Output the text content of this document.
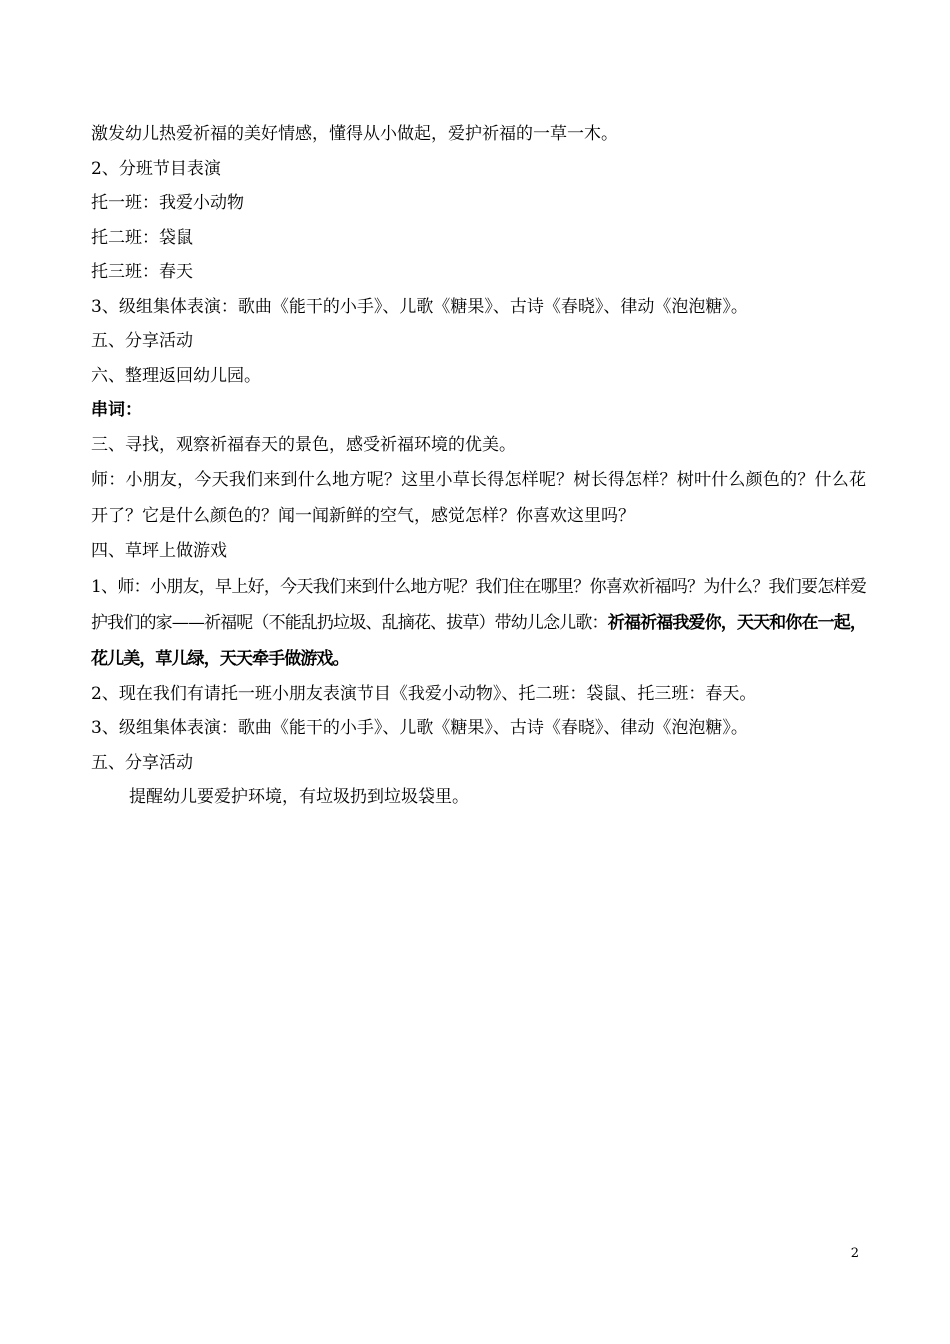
激发幼儿热爱祈福的美好情感，懂得从小做起，爱护祈福的一草一木。

2、分班节目表演

托一班：我爱小动物

托二班：袋鼠

托三班：春天

3、级组集体表演：歌曲《能干的小手》、儿歌《糖果》、古诗《春晓》、律动《泡泡糖》。

五、分享活动

六、整理返回幼儿园。

串词：

三、寻找，观察祈福春天的景色，感受祈福环境的优美。

师：小朋友，今天我们来到什么地方呢？这里小草长得怎样呢？树长得怎样？树叶什么颜色的？什么花开了？它是什么颜色的？闻一闻新鲜的空气，感觉怎样？你喜欢这里吗？

四、草坪上做游戏

1、师：小朋友，早上好，今天我们来到什么地方呢？我们住在哪里？你喜欢祈福吗？为什么？我们要怎样爱护我们的家——祈福呢（不能乱扔垃圾、乱摘花、拔草）带幼儿念儿歌：祈福祈福我爱你，天天和你在一起，花儿美，草儿绿，天天牵手做游戏。

2、现在我们有请托一班小朋友表演节目《我爱小动物》、托二班：袋鼠、托三班：春天。

3、级组集体表演：歌曲《能干的小手》、儿歌《糖果》、古诗《春晓》、律动《泡泡糖》。

五、分享活动

提醒幼儿要爱护环境，有垃圾扔到垃圾袋里。

2
